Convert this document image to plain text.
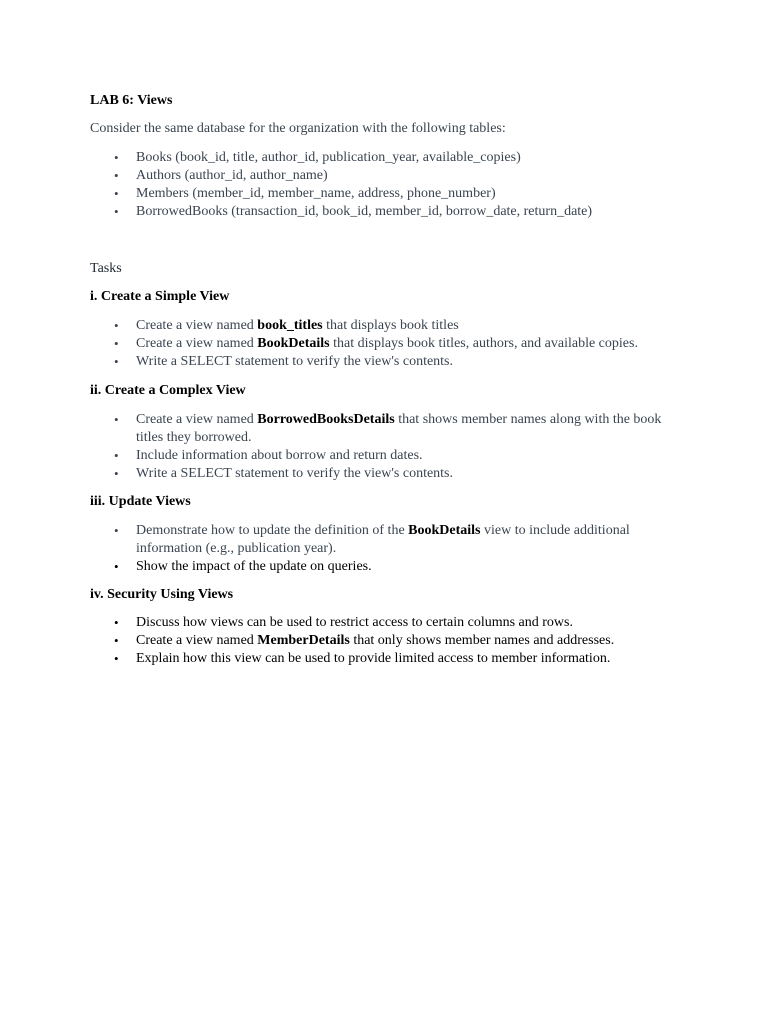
LAB 6: Views
Consider the same database for the organization with the following tables:
• Books (book_id, title, author_id, publication_year, available_copies)
• Authors (author_id, author_name)
• Members (member_id, member_name, address, phone_number)
• BorrowedBooks (transaction_id, book_id, member_id, borrow_date, return_date)
Tasks
i. Create a Simple View
• Create a view named book_titles that displays book titles
• Create a view named BookDetails that displays book titles, authors, and available copies.
• Write a SELECT statement to verify the view's contents.
ii. Create a Complex View
• Create a view named BorrowedBooksDetails that shows member names along with the book titles they borrowed.
• Include information about borrow and return dates.
• Write a SELECT statement to verify the view's contents.
iii. Update Views
• Demonstrate how to update the definition of the BookDetails view to include additional information (e.g., publication year).
• Show the impact of the update on queries.
iv. Security Using Views
• Discuss how views can be used to restrict access to certain columns and rows.
• Create a view named MemberDetails that only shows member names and addresses.
• Explain how this view can be used to provide limited access to member information.
